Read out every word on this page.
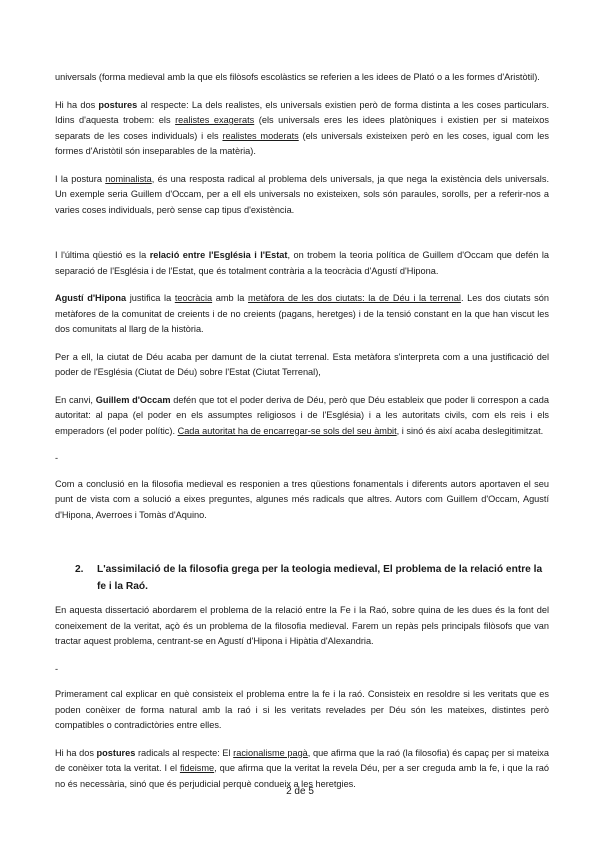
universals (forma medieval amb la que els filòsofs escolàstics se referien a les idees de Plató o a les formes d'Aristòtil).

Hi ha dos postures al respecte: La dels realistes, els universals existien però de forma distinta a les coses particulars. Idins d'aquesta trobem: els realistes exagerats (els universals eres les idees platòniques i existien per si mateixos separats de les coses individuals) i els realistes moderats (els universals existeixen però en les coses, igual com les formes d'Aristòtil són inseparables de la matèria).

I la postura nominalista, és una resposta radical al problema dels universals, ja que nega la existència dels universals. Un exemple seria Guillem d'Occam, per a ell els universals no existeixen, sols són paraules, sorolls, per a referir-nos a varies coses individuals, però sense cap tipus d'existència.

I l'última qüestió es la relació entre l'Església i l'Estat, on trobem la teoria política de Guillem d'Occam que defén la separació de l'Església i de l'Estat, que és totalment contrària a la teocràcia d'Agustí d'Hipona.

Agustí d'Hipona justifica la teocràcia amb la metàfora de les dos ciutats: la de Déu i la terrenal. Les dos ciutats són metàfores de la comunitat de creients i de no creients (pagans, heretges) i de la tensió constant en la que han viscut les dos comunitats al llarg de la història.

Per a ell, la ciutat de Déu acaba per damunt de la ciutat terrenal. Esta metàfora s'interpreta com a una justificació del poder de l'Església (Ciutat de Déu) sobre l'Estat (Ciutat Terrenal),

En canvi, Guillem d'Occam defén que tot el poder deriva de Déu, però que Déu estableix que poder li correspon a cada autoritat: al papa (el poder en els assumptes religiosos i de l'Església) i a les autoritats civils, com els reis i els emperadors (el poder polític). Cada autoritat ha de encarregar-se sols del seu àmbit, i sinó és així acaba deslegitimitzat.

-

Com a conclusió en la filosofia medieval es responien a tres qüestions fonamentals i diferents autors aportaven el seu punt de vista com a solució a eixes preguntes, algunes més radicals que altres. Autors com Guillem d'Occam, Agustí d'Hipona, Averroes i Tomàs d'Aquino.

2.	L'assimilació de la filosofia grega per la teologia medieval, El problema de la relació entre la fe i la Raó.

En aquesta dissertació abordarem el problema de la relació entre la Fe i la Raó, sobre quina de les dues és la font del coneixement de la veritat, açò és un problema de la filosofia medieval. Farem un repàs pels principals filòsofs que van tractar aquest problema, centrant-se en Agustí d'Hipona i Hipàtia d'Alexandria.

-

Primerament cal explicar en què consisteix el problema entre la fe i la raó. Consisteix en resoldre si les veritats que es poden conèixer de forma natural amb la raó i si les veritats revelades per Déu són les mateixes, distintes però compatibles o contradictòries entre elles.

Hi ha dos postures radicals al respecte: El racionalisme pagà, que afirma que la raó (la filosofia) és capaç per si mateixa de conèixer tota la veritat. I el fideisme, que afirma que la veritat la revela Déu, per a ser creguda amb la fe, i que la raó no és necessària, sinó que és perjudicial perquè condueix a les heretgies.

2 de 5
